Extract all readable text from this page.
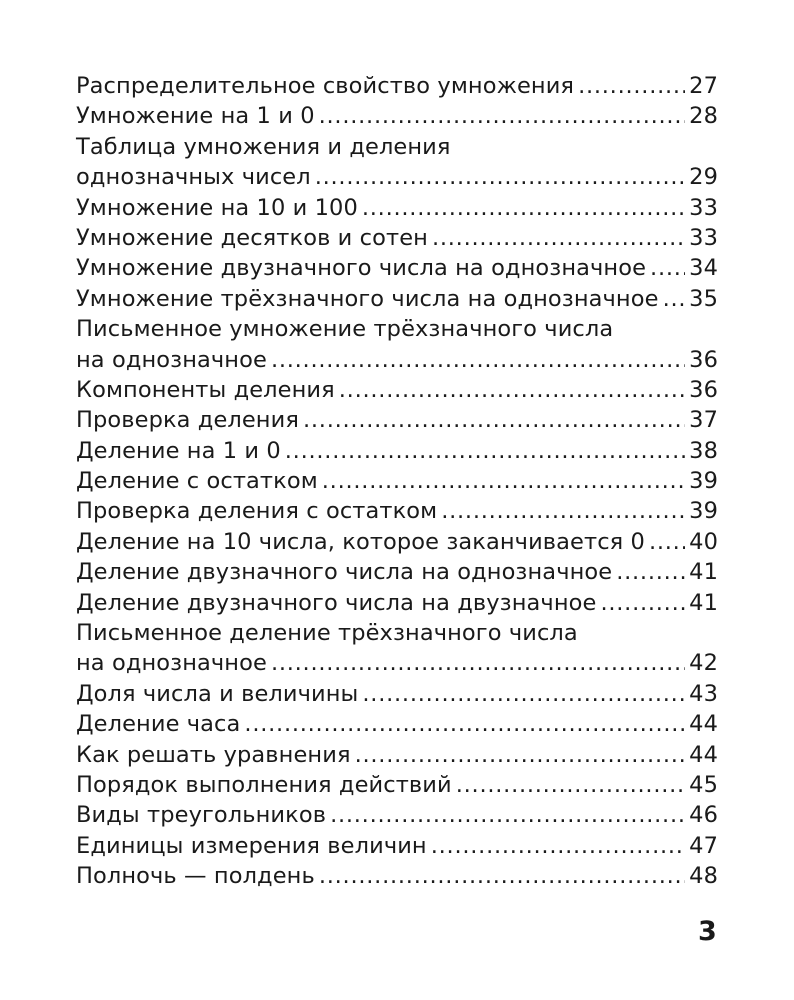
Распределительное свойство умножения . . .	27
Умножение на 1 и 0 . . .	28
Таблица умножения и деления
однозначных чисел . . .	29
Умножение на 10 и 100 . . .	33
Умножение десятков и сотен . . .	33
Умножение двузначного числа на однозначное . . . 34
Умножение трёхзначного числа на однозначное . . . 35
Письменное умножение трёхзначного числа
на однозначное . . .	36
Компоненты деления . . .	36
Проверка деления . . .	37
Деление на 1 и 0 . . .	38
Деление с остатком . . .	39
Проверка деления с остатком . . .	39
Деление на 10 числа, которое заканчивается 0 . . . 40
Деление двузначного числа на однозначное . . .	41
Деление двузначного числа на двузначное . . .	41
Письменное деление трёхзначного числа
на однозначное . . .	42
Доля числа и величины . . .	43
Деление часа . . .	44
Как решать уравнения . . .	44
Порядок выполнения действий . . .	45
Виды треугольников . . .	46
Единицы измерения величин . . .	47
Полночь — полдень . . .	48
3
